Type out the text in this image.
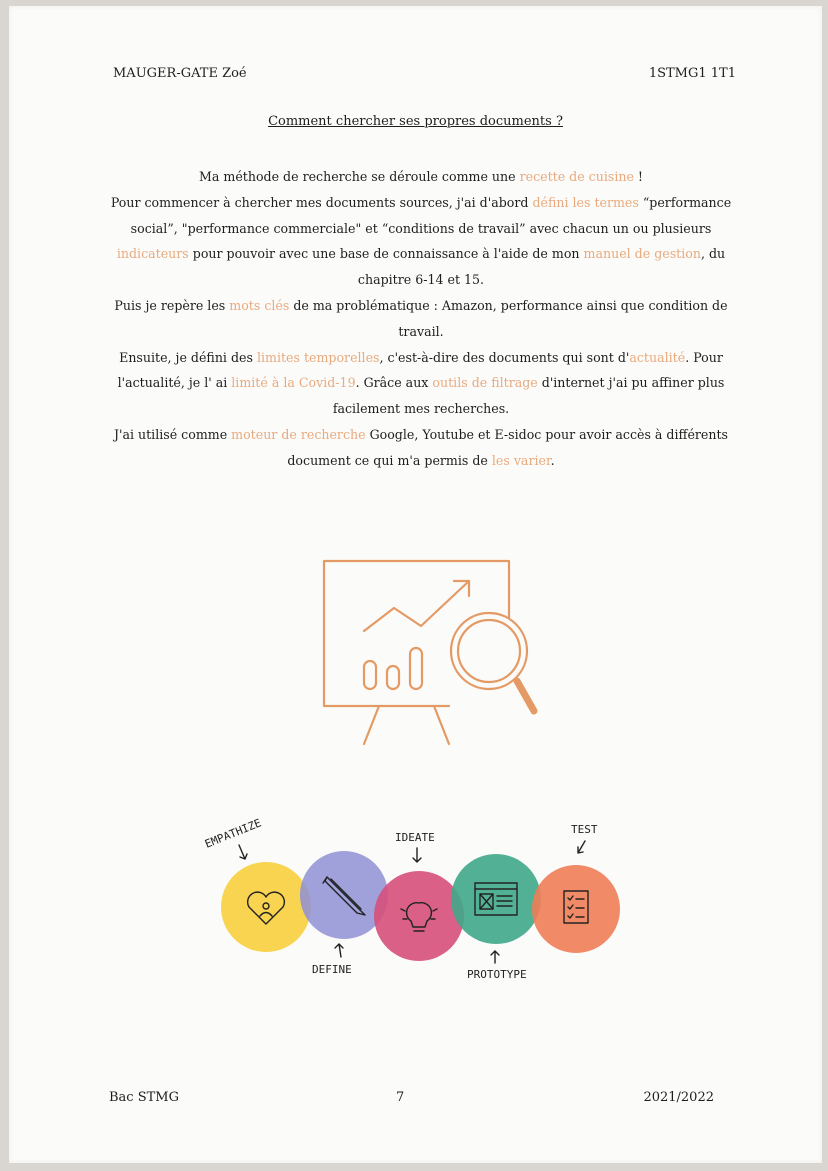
MAUGER-GATE Zoé	1STMG1 1T1
Comment chercher ses propres documents ?

Ma méthode de recherche se déroule comme une recette de cuisine !

Pour commencer à chercher mes documents sources, j'ai d'abord défini les termes “performance social”, "performance commerciale" et “conditions de travail” avec chacun un ou plusieurs indicateurs pour pouvoir avec une base de connaissance à l'aide de mon manuel de gestion, du chapitre 6-14 et 15.

Puis je repère les mots clés de ma problématique : Amazon, performance ainsi que condition de travail.

Ensuite, je défini des limites temporelles, c'est-à-dire des documents qui sont d'actualité. Pour l'actualité, je l' ai limité à la Covid-19. Grâce aux outils de filtrage d'internet j'ai pu affiner plus facilement mes recherches.

J'ai utilisé comme moteur de recherche Google, Youtube et E-sidoc pour avoir accès à différents document ce qui m'a permis de les varier.

EMPATHIZE	IDEATE
TEST
DEFINE	PROTOTYPE
Bac STMG	7	2021/2022
